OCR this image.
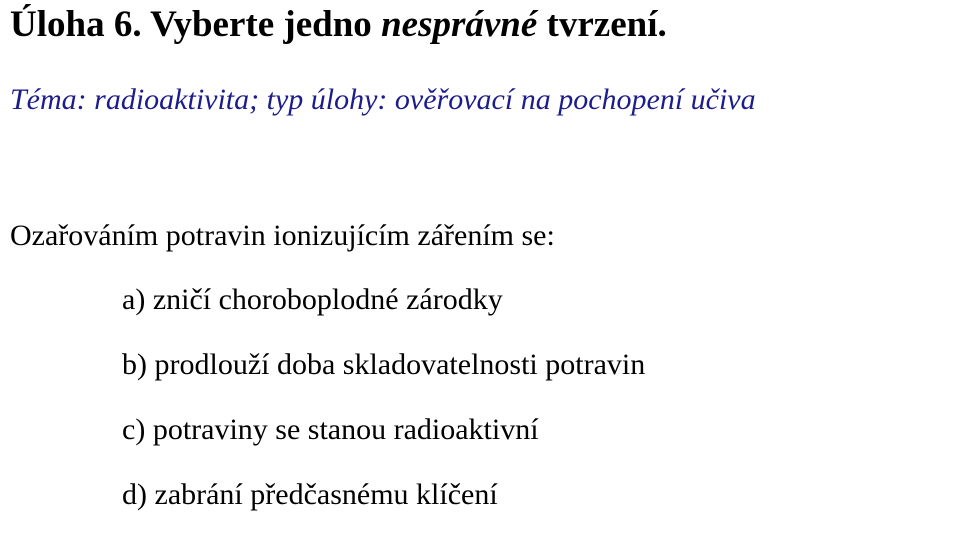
Úloha 6. Vyberte jedno nesprávné tvrzení.
Téma: radioaktivita; typ úlohy: ověřovací na pochopení učiva
Ozařováním potravin ionizujícím zářením se:
a) zničí choroboplodné zárodky
b) prodlouží doba skladovatelnosti potravin
c) potraviny se stanou radioaktivní
d) zabrání předčasnému klíčení
